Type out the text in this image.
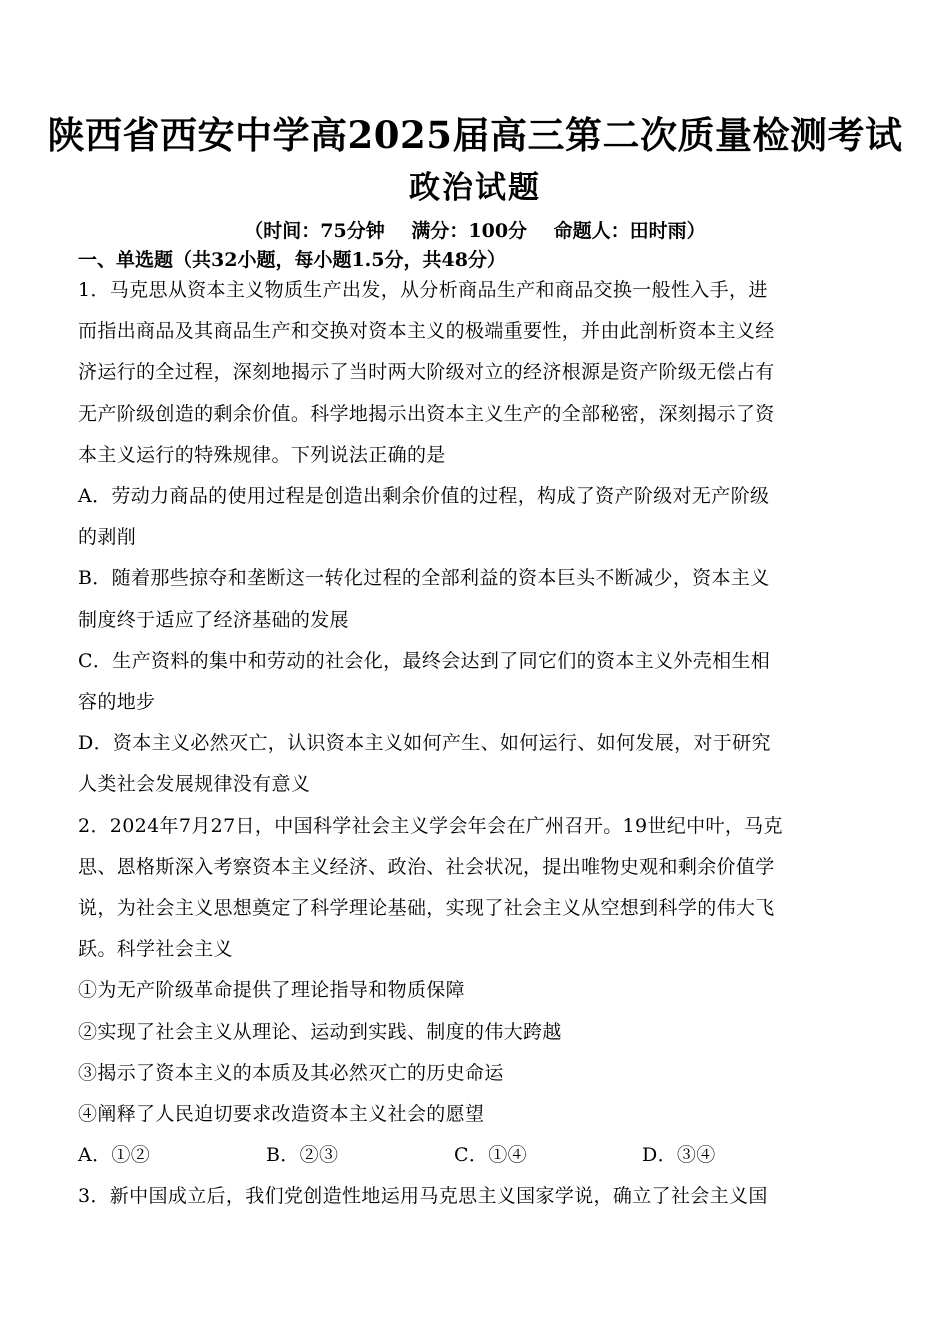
陕西省西安中学高2025届高三第二次质量检测考试
政治试题
（时间：75分钟 满分：100分 命题人：田时雨）
一、单选题（共32小题，每小题1.5分，共48分）
1．马克思从资本主义物质生产出发，从分析商品生产和商品交换一般性入手，进
而指出商品及其商品生产和交换对资本主义的极端重要性，并由此剖析资本主义经
济运行的全过程，深刻地揭示了当时两大阶级对立的经济根源是资产阶级无偿占有
无产阶级创造的剩余价值。科学地揭示出资本主义生产的全部秘密，深刻揭示了资
本主义运行的特殊规律。下列说法正确的是
A．劳动力商品的使用过程是创造出剩余价值的过程，构成了资产阶级对无产阶级
的剥削
B．随着那些掠夺和垄断这一转化过程的全部利益的资本巨头不断减少，资本主义
制度终于适应了经济基础的发展
C．生产资料的集中和劳动的社会化，最终会达到了同它们的资本主义外壳相生相
容的地步
D．资本主义必然灭亡，认识资本主义如何产生、如何运行、如何发展，对于研究
人类社会发展规律没有意义
2．2024年7月27日，中国科学社会主义学会年会在广州召开。19世纪中叶，马克
思、恩格斯深入考察资本主义经济、政治、社会状况，提出唯物史观和剩余价值学
说，为社会主义思想奠定了科学理论基础，实现了社会主义从空想到科学的伟大飞
跃。科学社会主义
①为无产阶级革命提供了理论指导和物质保障
②实现了社会主义从理论、运动到实践、制度的伟大跨越
③揭示了资本主义的本质及其必然灭亡的历史命运
④阐释了人民迫切要求改造资本主义社会的愿望
A．①②	B．②③	C．①④	D．③④
3．新中国成立后，我们党创造性地运用马克思主义国家学说，确立了社会主义国
